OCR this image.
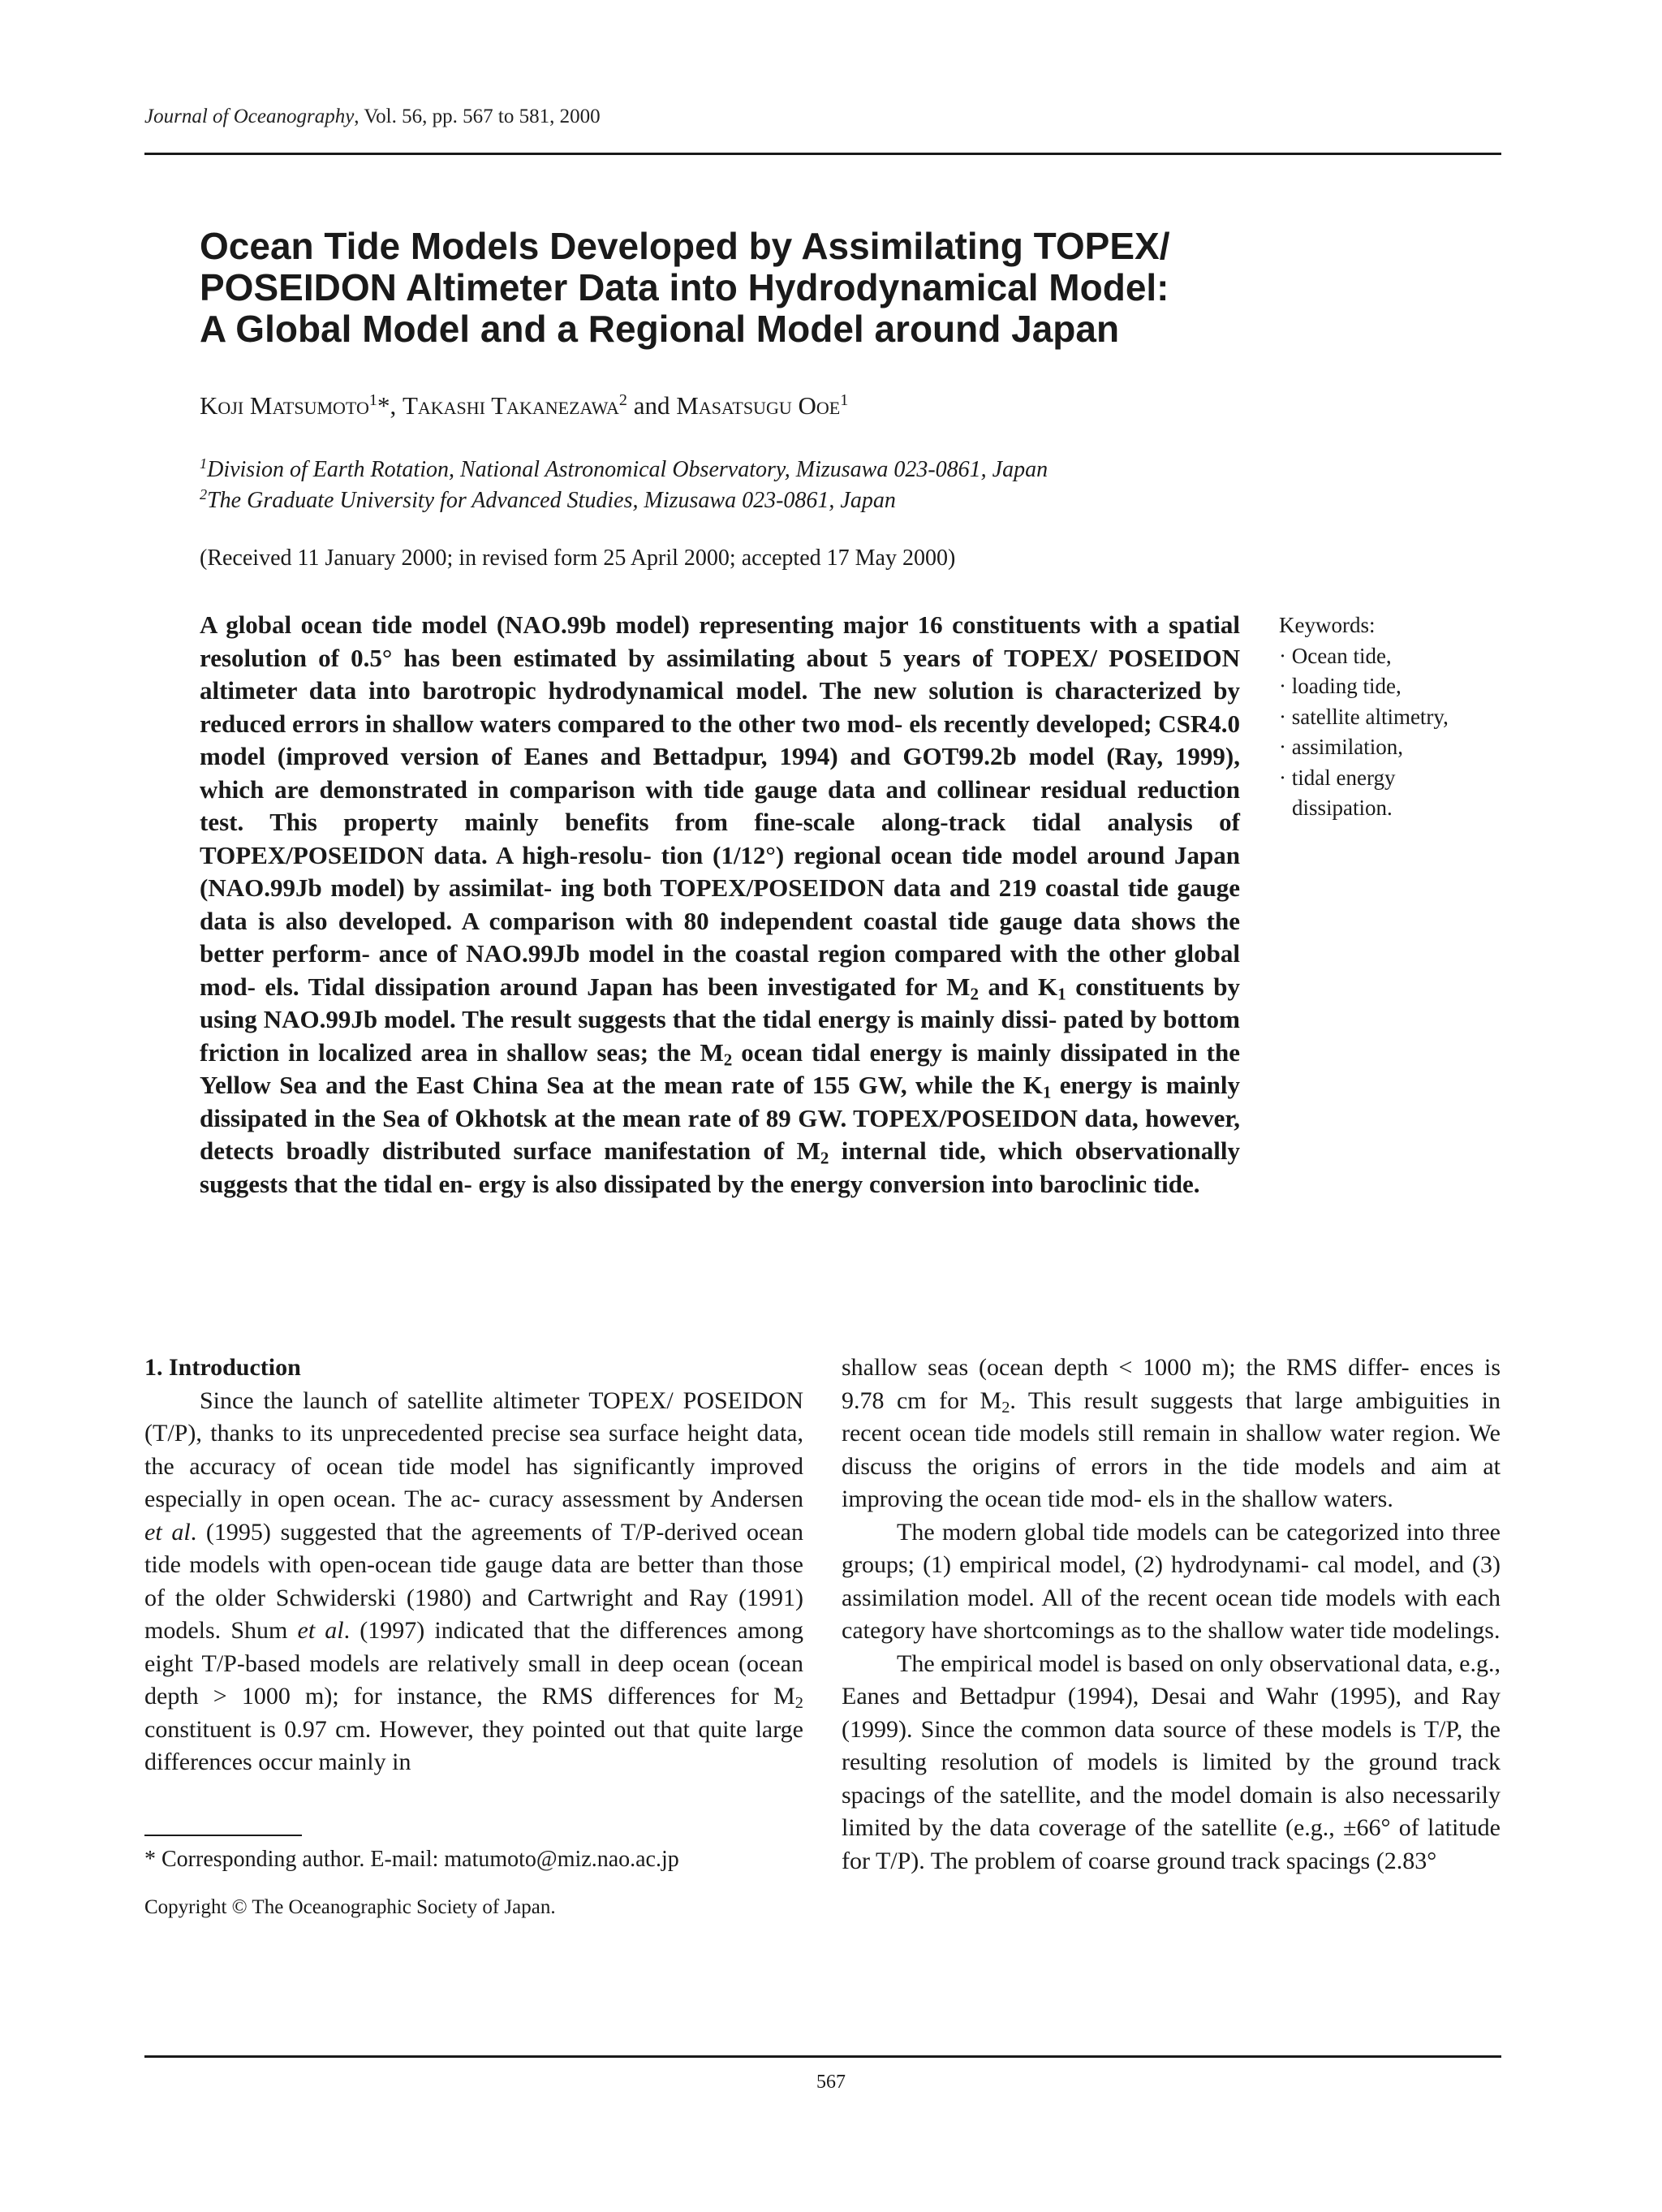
Journal of Oceanography, Vol. 56, pp. 567 to 581, 2000
Ocean Tide Models Developed by Assimilating TOPEX/
POSEIDON Altimeter Data into Hydrodynamical Model:
A Global Model and a Regional Model around Japan
Koji Matsumoto$^1$*, Takashi Takanezawa$^2$ and Masatsugu Ooe$^1$
$^1$Division of Earth Rotation, National Astronomical Observatory, Mizusawa 023-0861, Japan
$^2$The Graduate University for Advanced Studies, Mizusawa 023-0861, Japan
(Received 11 January 2000; in revised form 25 April 2000; accepted 17 May 2000)
A global ocean tide model (NAO.99b model) representing major 16 constituents with a spatial resolution of 0.5° has been estimated by assimilating about 5 years of TOPEX/ POSEIDON altimeter data into barotropic hydrodynamical model. The new solution is characterized by reduced errors in shallow waters compared to the other two mod- els recently developed; CSR4.0 model (improved version of Eanes and Bettadpur, 1994) and GOT99.2b model (Ray, 1999), which are demonstrated in comparison with tide gauge data and collinear residual reduction test. This property mainly benefits from fine-scale along-track tidal analysis of TOPEX/POSEIDON data. A high-resolu- tion (1/12°) regional ocean tide model around Japan (NAO.99Jb model) by assimilat- ing both TOPEX/POSEIDON data and 219 coastal tide gauge data is also developed. A comparison with 80 independent coastal tide gauge data shows the better perform- ance of NAO.99Jb model in the coastal region compared with the other global mod- els. Tidal dissipation around Japan has been investigated for $M_2$ and $K_1$ constituents by using NAO.99Jb model. The result suggests that the tidal energy is mainly dissi- pated by bottom friction in localized area in shallow seas; the $M_2$ ocean tidal energy is mainly dissipated in the Yellow Sea and the East China Sea at the mean rate of 155 GW, while the $K_1$ energy is mainly dissipated in the Sea of Okhotsk at the mean rate of 89 GW. TOPEX/POSEIDON data, however, detects broadly distributed surface manifestation of $M_2$ internal tide, which observationally suggests that the tidal en- ergy is also dissipated by the energy conversion into baroclinic tide.
Keywords:
· Ocean tide,
· loading tide,
· satellite altimetry,
· assimilation,
· tidal energy
dissipation.
1. Introduction

Since the launch of satellite altimeter TOPEX/ POSEIDON (T/P), thanks to its unprecedented precise sea surface height data, the accuracy of ocean tide model has significantly improved especially in open ocean. The ac- curacy assessment by Andersen et al. (1995) suggested that the agreements of T/P-derived ocean tide models with open-ocean tide gauge data are better than those of the older Schwiderski (1980) and Cartwright and Ray (1991) models. Shum et al. (1997) indicated that the differences among eight T/P-based models are relatively small in deep ocean (ocean depth > 1000 m); for instance, the RMS differences for $M_2$ constituent is 0.97 cm. However, they pointed out that quite large differences occur mainly in

shallow seas (ocean depth < 1000 m); the RMS differ- ences is 9.78 cm for $M_2$. This result suggests that large ambiguities in recent ocean tide models still remain in shallow water region. We discuss the origins of errors in the tide models and aim at improving the ocean tide mod- els in the shallow waters.

The modern global tide models can be categorized into three groups; (1) empirical model, (2) hydrodynami- cal model, and (3) assimilation model. All of the recent ocean tide models with each category have shortcomings as to the shallow water tide modelings.

The empirical model is based on only observational data, e.g., Eanes and Bettadpur (1994), Desai and Wahr (1995), and Ray (1999). Since the common data source of these models is T/P, the resulting resolution of models is limited by the ground track spacings of the satellite, and the model domain is also necessarily limited by the data coverage of the satellite (e.g., ±66° of latitude for T/P). The problem of coarse ground track spacings (2.83°

* Corresponding author. E-mail: matumoto@miz.nao.ac.jp
Copyright © The Oceanographic Society of Japan.
567
